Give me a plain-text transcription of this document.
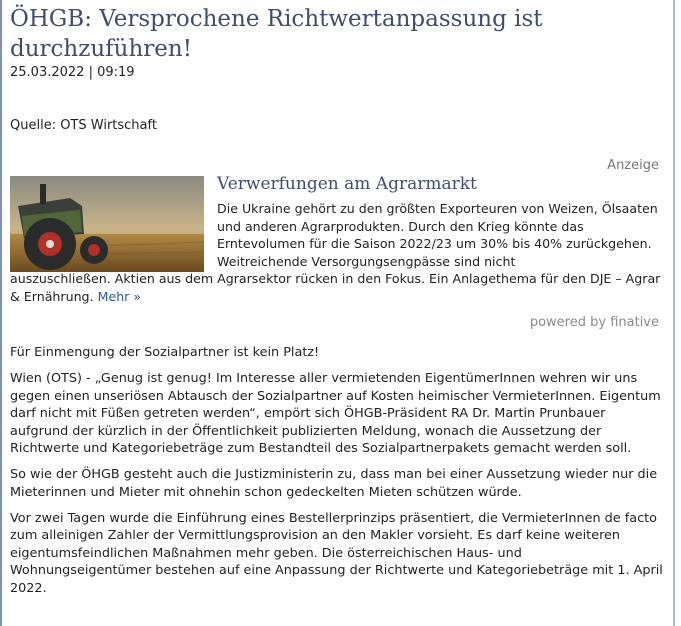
ÖHGB: Versprochene Richtwertanpassung ist durchzuführen!
25.03.2022 | 09:19
Quelle: OTS Wirtschaft
Anzeige
Verwerfungen am Agrarmarkt
Die Ukraine gehört zu den größten Exporteuren von Weizen, Ölsaaten und anderen Agrarprodukten. Durch den Krieg könnte das Erntevolumen für die Saison 2022/23 um 30% bis 40% zurückgehen. Weitreichende Versorgungsengpässe sind nicht
auszuschließen. Aktien aus dem Agrarsektor rücken in den Fokus. Ein Anlagethema für den DJE – Agrar & Ernährung. Mehr »
powered by finative

Für Einmengung der Sozialpartner ist kein Platz!

Wien (OTS) - „Genug ist genug! Im Interesse aller vermietenden EigentümerInnen wehren wir uns gegen einen unseriösen Abtausch der Sozialpartner auf Kosten heimischer VermieterInnen. Eigentum darf nicht mit Füßen getreten werden“, empört sich ÖHGB-Präsident RA Dr. Martin Prunbauer aufgrund der kürzlich in der Öffentlichkeit publizierten Meldung, wonach die Aussetzung der Richtwerte und Kategoriebeträge zum Bestandteil des Sozialpartnerpakets gemacht werden soll.

So wie der ÖHGB gesteht auch die Justizministerin zu, dass man bei einer Aussetzung wieder nur die Mieterinnen und Mieter mit ohnehin schon gedeckelten Mieten schützen würde.

Vor zwei Tagen wurde die Einführung eines Bestellerprinzips präsentiert, die VermieterInnen de facto zum alleinigen Zahler der Vermittlungsprovision an den Makler vorsieht. Es darf keine weiteren eigentumsfeindlichen Maßnahmen mehr geben. Die österreichischen Haus- und Wohnungseigentümer bestehen auf eine Anpassung der Richtwerte und Kategoriebeträge mit 1. April 2022.
